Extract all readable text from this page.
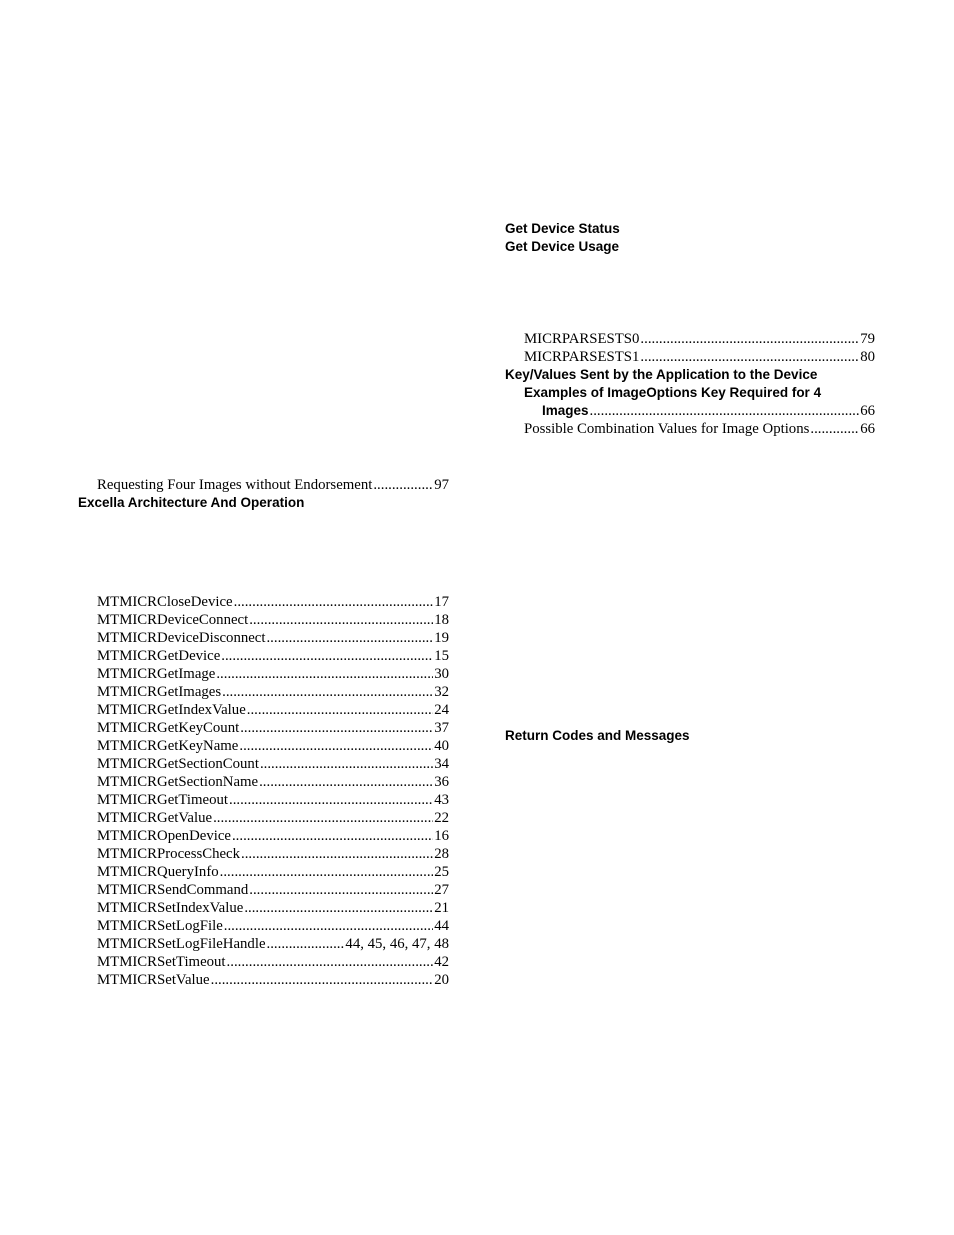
Requesting Four Images without Endorsement .....	97
Excella Architecture And Operation
MTMICRCloseDevice .....	17
MTMICRDeviceConnect .....	18
MTMICRDeviceDisconnect .....	19
MTMICRGetDevice .....	15
MTMICRGetImage .....	30
MTMICRGetImages .....	32
MTMICRGetIndexValue .....	24
MTMICRGetKeyCount .....	37
MTMICRGetKeyName .....	40
MTMICRGetSectionCount .....	34
MTMICRGetSectionName .....	36
MTMICRGetTimeout .....	43
MTMICRGetValue .....	22
MTMICROpenDevice .....	16
MTMICRProcessCheck .....	28
MTMICRQueryInfo .....	25
MTMICRSendCommand .....	27
MTMICRSetIndexValue .....	21
MTMICRSetLogFile .....	44
MTMICRSetLogFileHandle .....	44, 45, 46, 47, 48
MTMICRSetTimeout .....	42
MTMICRSetValue .....	20
Get Device Status
Get Device Usage
MICRPARSESTS0 .....	79
MICRPARSESTS1 .....	80
Key/Values Sent by the Application to the Device
Examples of ImageOptions Key Required for 4
Images .....	66
Possible Combination Values for Image Options .....	66
Return Codes and Messages
